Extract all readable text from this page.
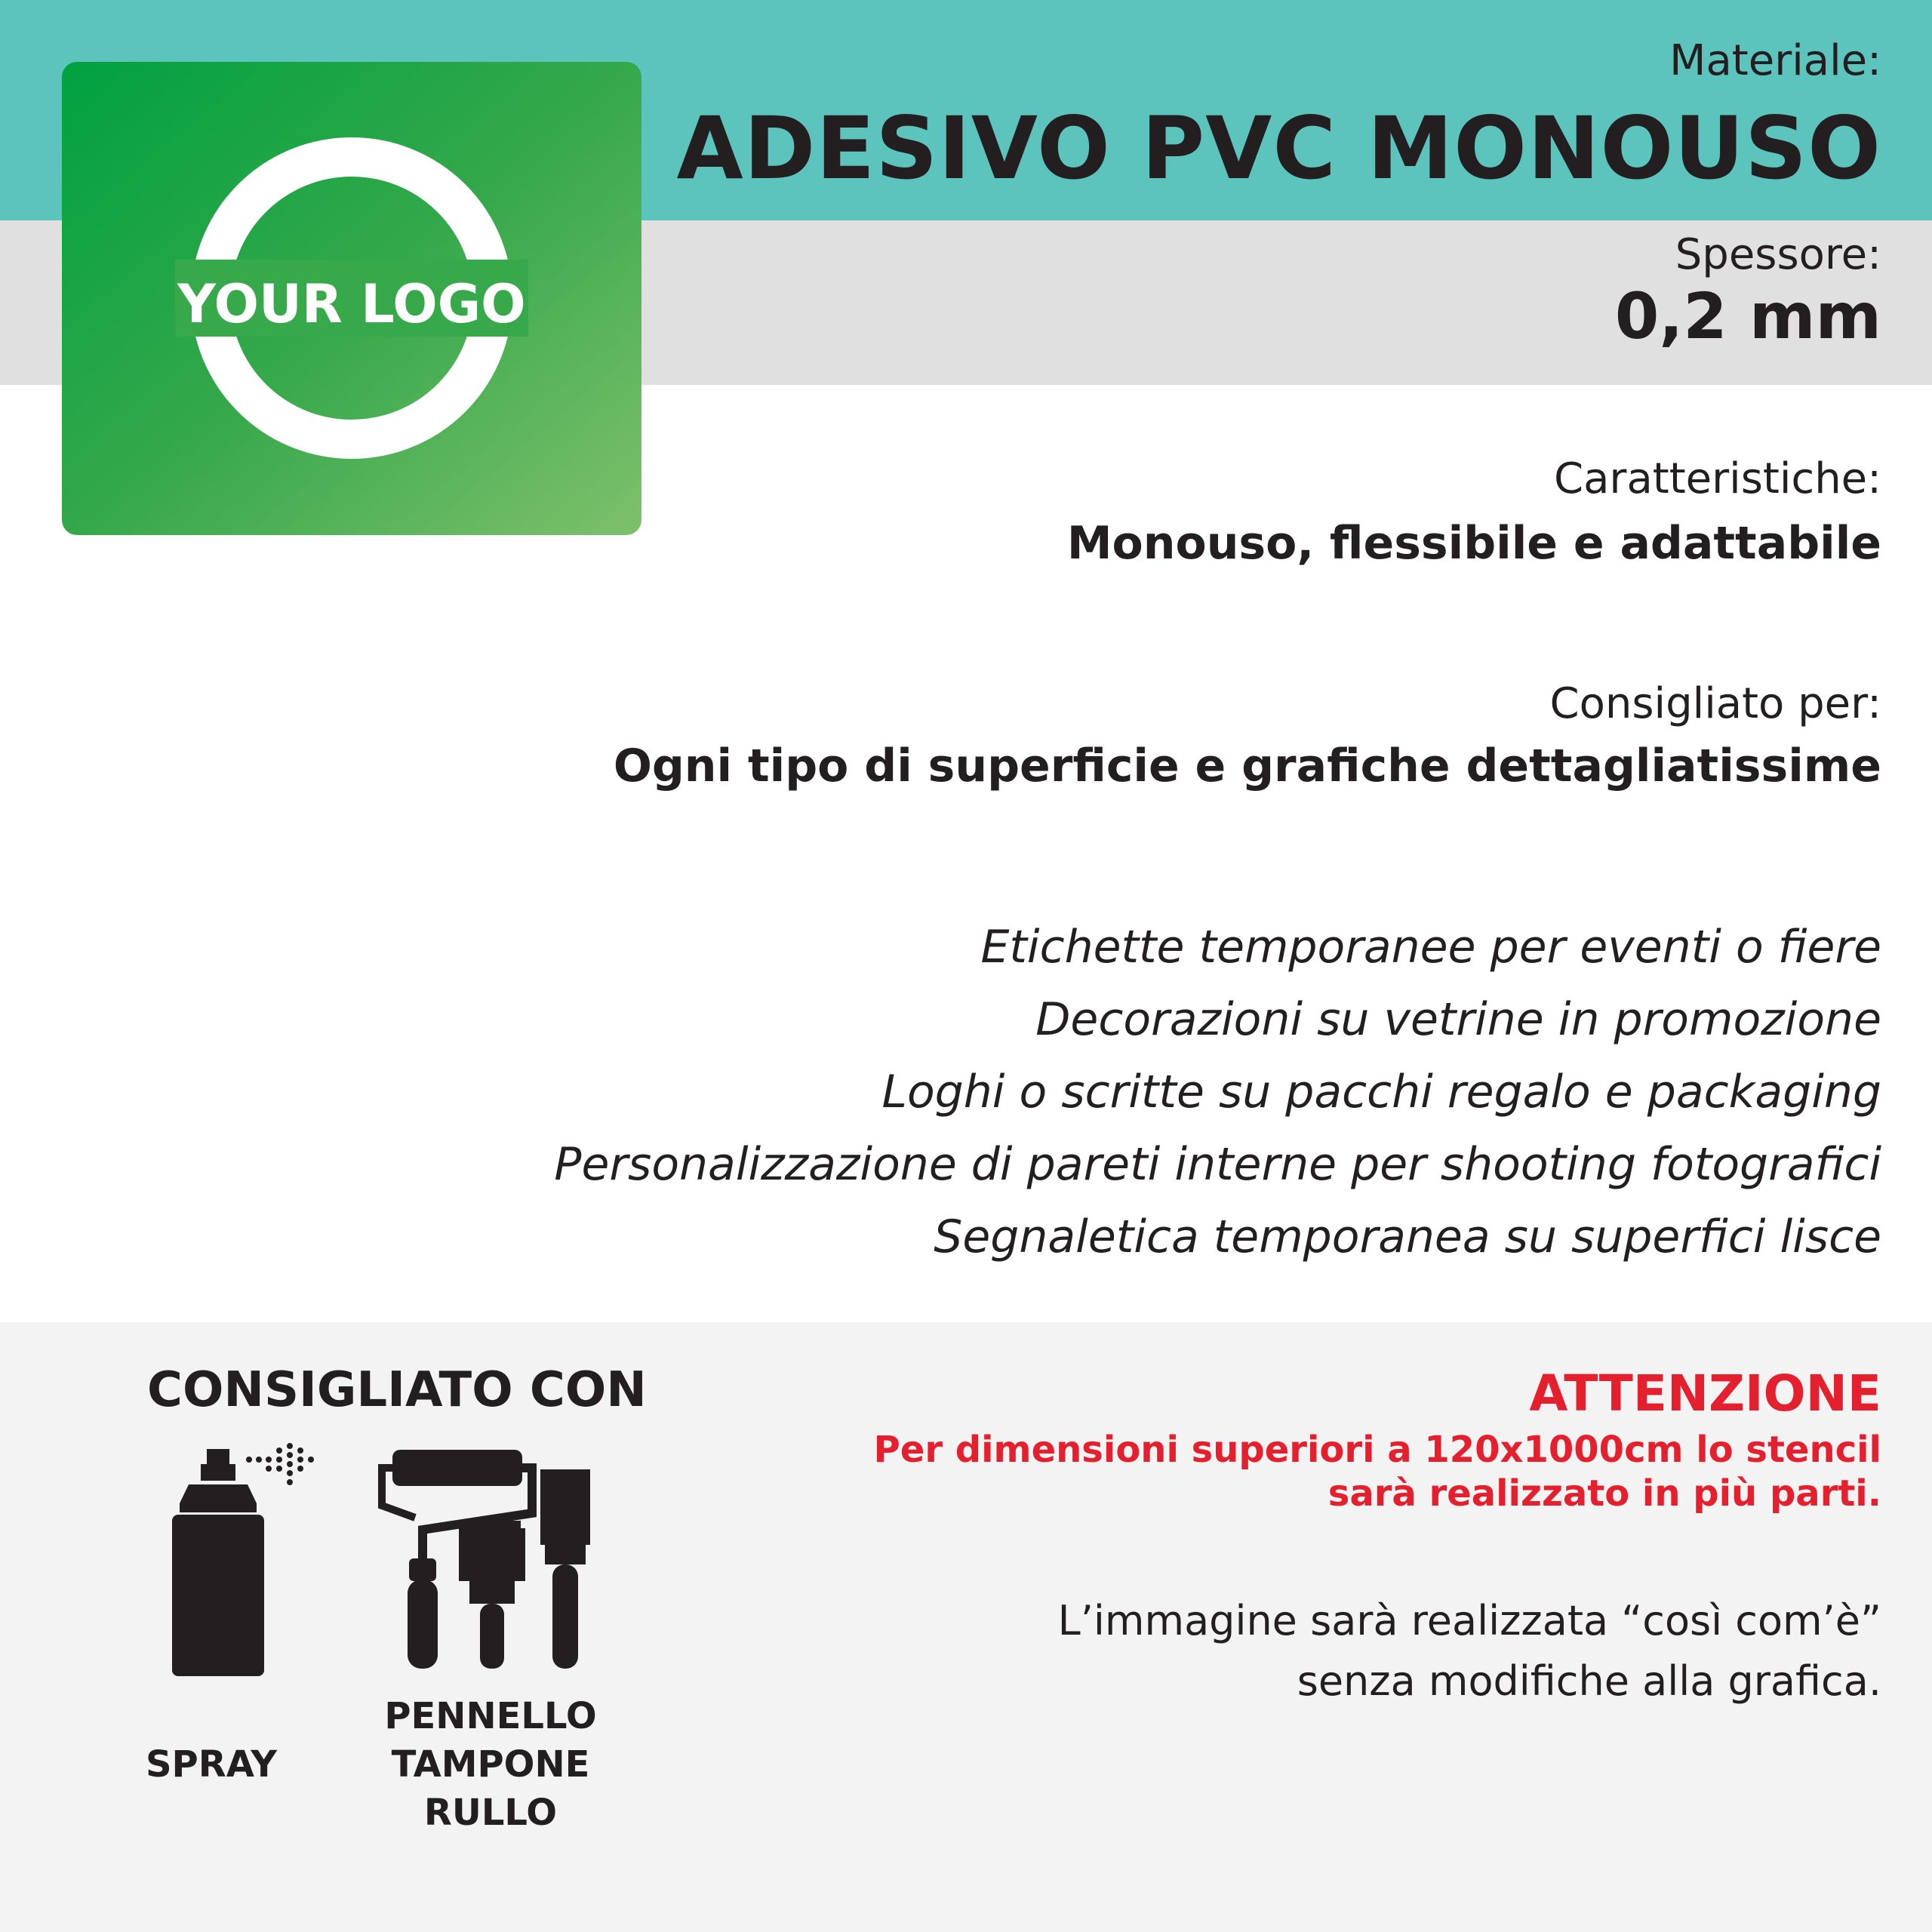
YOUR LOGO

Materiale:

ADESIVO PVC MONOUSO

Spessore:

0,2 mm

Caratteristiche:

Monouso, flessibile e adattabile

Consigliato per:

Ogni tipo di superficie e grafiche dettagliatissime

Etichette temporanee per eventi o fiere
Decorazioni su vetrine in promozione
Loghi o scritte su pacchi regalo e packaging
Personalizzazione di pareti interne per shooting fotografici
Segnaletica temporanea su superfici lisce

CONSIGLIATO CON

SPRAY

PENNELLO
TAMPONE
RULLO

ATTENZIONE

Per dimensioni superiori a 120x1000cm lo stencil
sarà realizzato in più parti.
L’immagine sarà realizzata “così com’è”
senza modifiche alla grafica.
